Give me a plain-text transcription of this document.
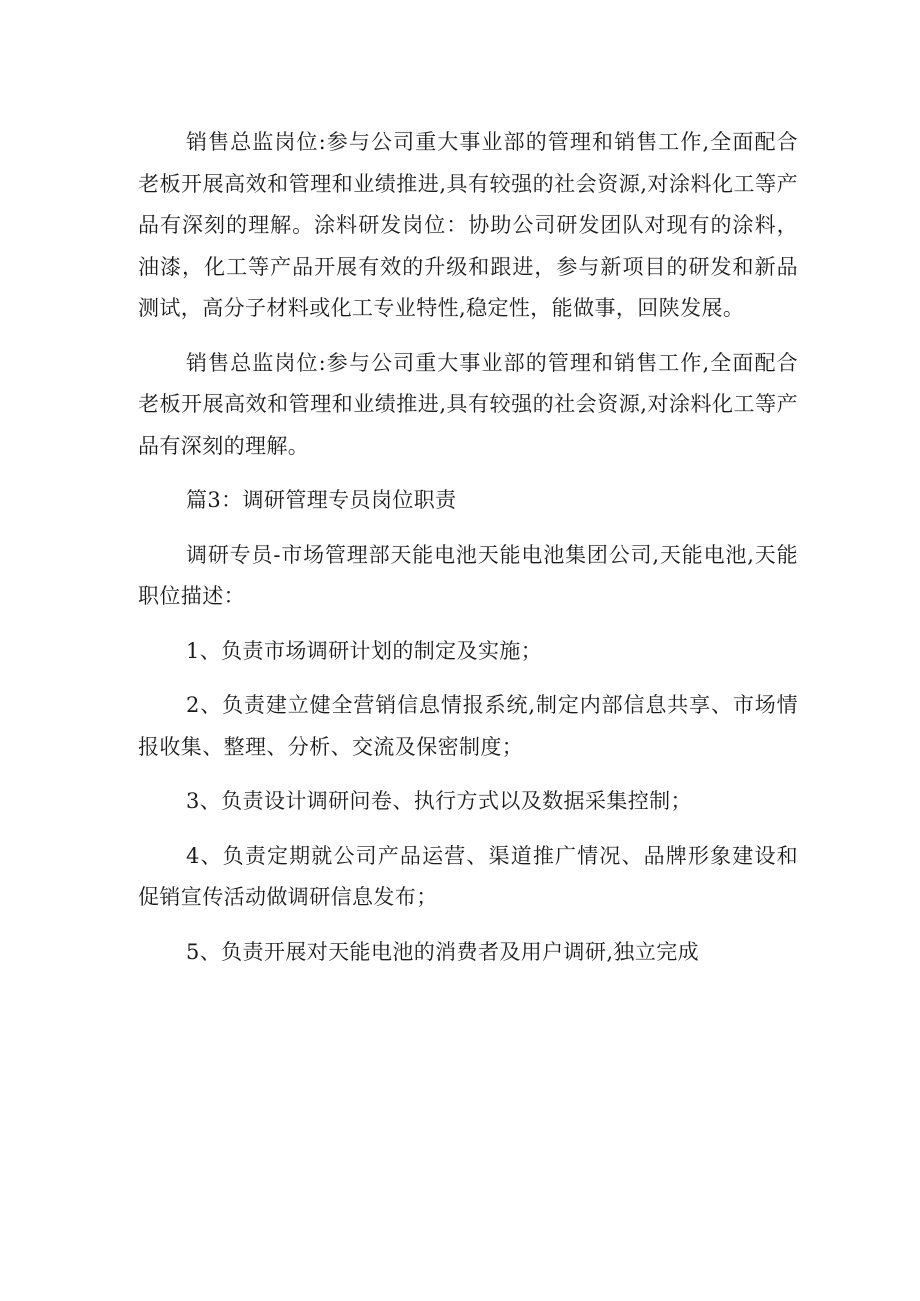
销售总监岗位:参与公司重大事业部的管理和销售工作,全面配合老板开展高效和管理和业绩推进,具有较强的社会资源,对涂料化工等产品有深刻的理解。涂料研发岗位：协助公司研发团队对现有的涂料，油漆，化工等产品开展有效的升级和跟进，参与新项目的研发和新品测试，高分子材料或化工专业特性,稳定性，能做事，回陕发展。

销售总监岗位:参与公司重大事业部的管理和销售工作,全面配合老板开展高效和管理和业绩推进,具有较强的社会资源,对涂料化工等产品有深刻的理解。

篇3：调研管理专员岗位职责

调研专员-市场管理部天能电池天能电池集团公司,天能电池,天能职位描述：

1、负责市场调研计划的制定及实施；

2、负责建立健全营销信息情报系统,制定内部信息共享、市场情报收集、整理、分析、交流及保密制度；

3、负责设计调研问卷、执行方式以及数据采集控制；

4、负责定期就公司产品运营、渠道推广情况、品牌形象建设和促销宣传活动做调研信息发布；

5、负责开展对天能电池的消费者及用户调研,独立完成
